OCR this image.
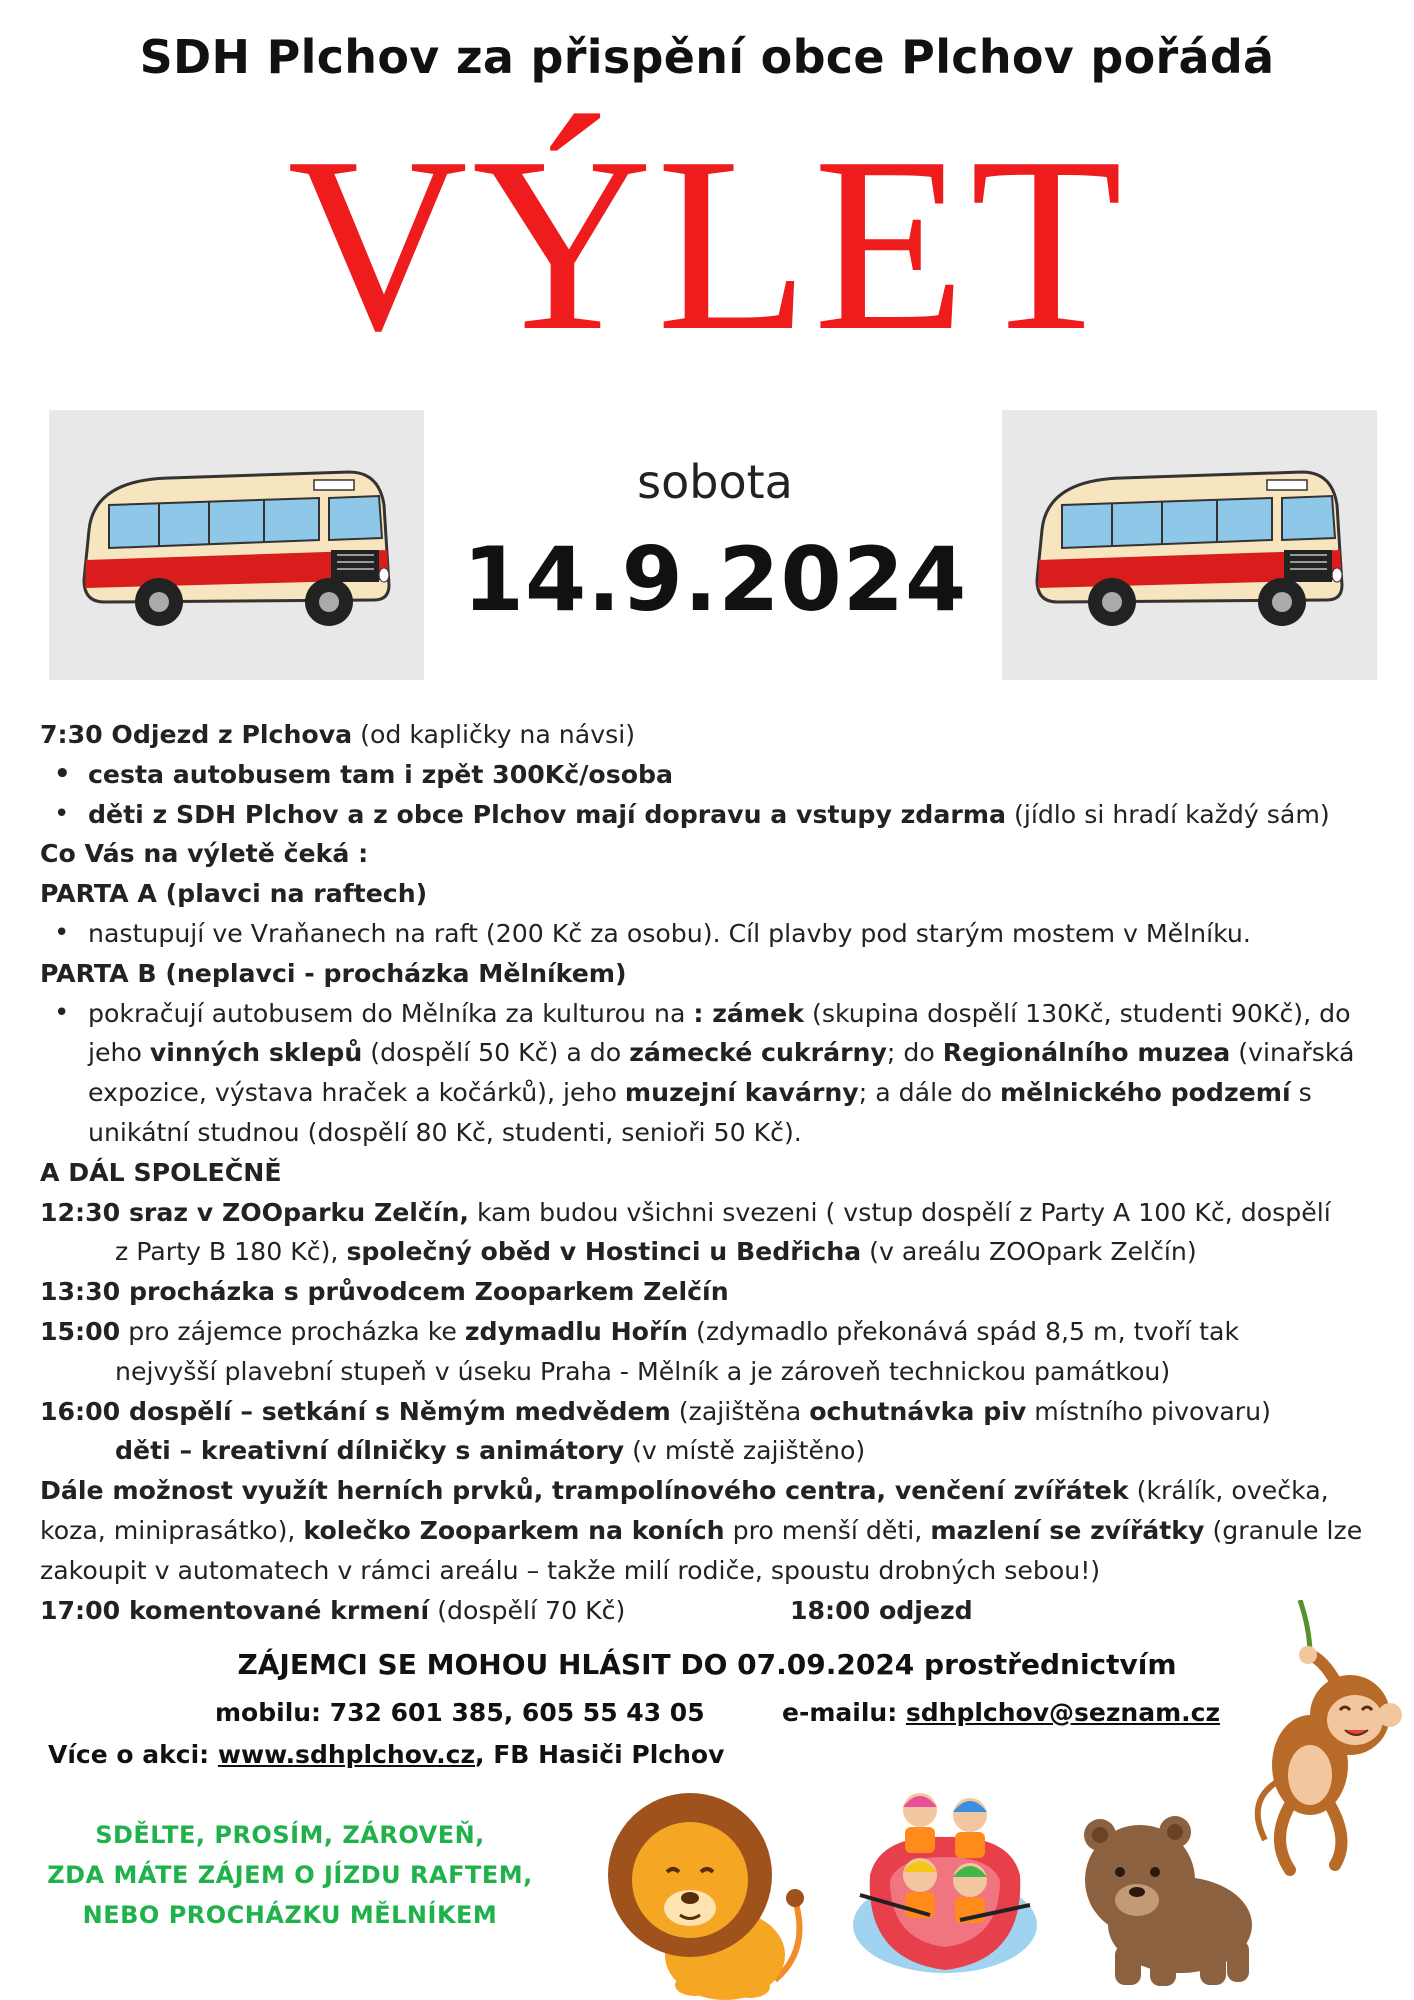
SDH Plchov za přispění obce Plchov pořádá
VÝLET
sobota
14.9.2024

7:30 Odjezd z Plchova (od kapličky na návsi)

• cesta autobusem tam i zpět 300Kč/osoba
• děti z SDH Plchov a z obce Plchov mají dopravu a vstupy zdarma (jídlo si hradí každý sám)

Co Vás na výletě čeká :

PARTA A (plavci na raftech)

• nastupují ve Vraňanech na raft (200 Kč za osobu). Cíl plavby pod starým mostem v Mělníku.

PARTA B (neplavci - procházka Mělníkem)

• pokračují autobusem do Mělníka za kulturou na : zámek (skupina dospělí 130Kč, studenti 90Kč), do jeho vinných sklepů (dospělí 50 Kč) a do zámecké cukrárny; do Regionálního muzea (vinařská expozice, výstava hraček a kočárků), jeho muzejní kavárny; a dále do mělnického podzemí s unikátní studnou (dospělí 80 Kč, studenti, senioři 50 Kč).

A DÁL SPOLEČNĚ

12:30 sraz v ZOOparku Zelčín, kam budou všichni svezeni ( vstup dospělí z Party A 100 Kč, dospělí

z Party B 180 Kč), společný oběd v Hostinci u Bedřicha (v areálu ZOOpark Zelčín)

13:30 procházka s průvodcem Zooparkem Zelčín

15:00 pro zájemce procházka ke zdymadlu Hořín (zdymadlo překonává spád 8,5 m, tvoří tak

nejvyšší plavební stupeň v úseku Praha - Mělník a je zároveň technickou památkou)

16:00 dospělí – setkání s Němým medvědem (zajištěna ochutnávka piv místního pivovaru)

děti – kreativní dílničky s animátory (v místě zajištěno)

Dále možnost využít herních prvků, trampolínového centra, venčení zvířátek (králík, ovečka, koza, miniprasátko), kolečko Zooparkem na koních pro menší děti, mazlení se zvířátky (granule lze zakoupit v automatech v rámci areálu – takže milí rodiče, spoustu drobných sebou!)

17:00 komentované krmení (dospělí 70 Kč)	18:00 odjezd

ZÁJEMCI SE MOHOU HLÁSIT DO 07.09.2024 prostřednictvím
mobilu: 732 601 385, 605 55 43 05	e-mailu: sdhplchov@seznam.cz
Více o akci: www.sdhplchov.cz, FB Hasiči Plchov
SDĚLTE, PROSÍM, ZÁROVEŇ,
ZDA MÁTE ZÁJEM O JÍZDU RAFTEM,
NEBO PROCHÁZKU MĚLNÍKEM
